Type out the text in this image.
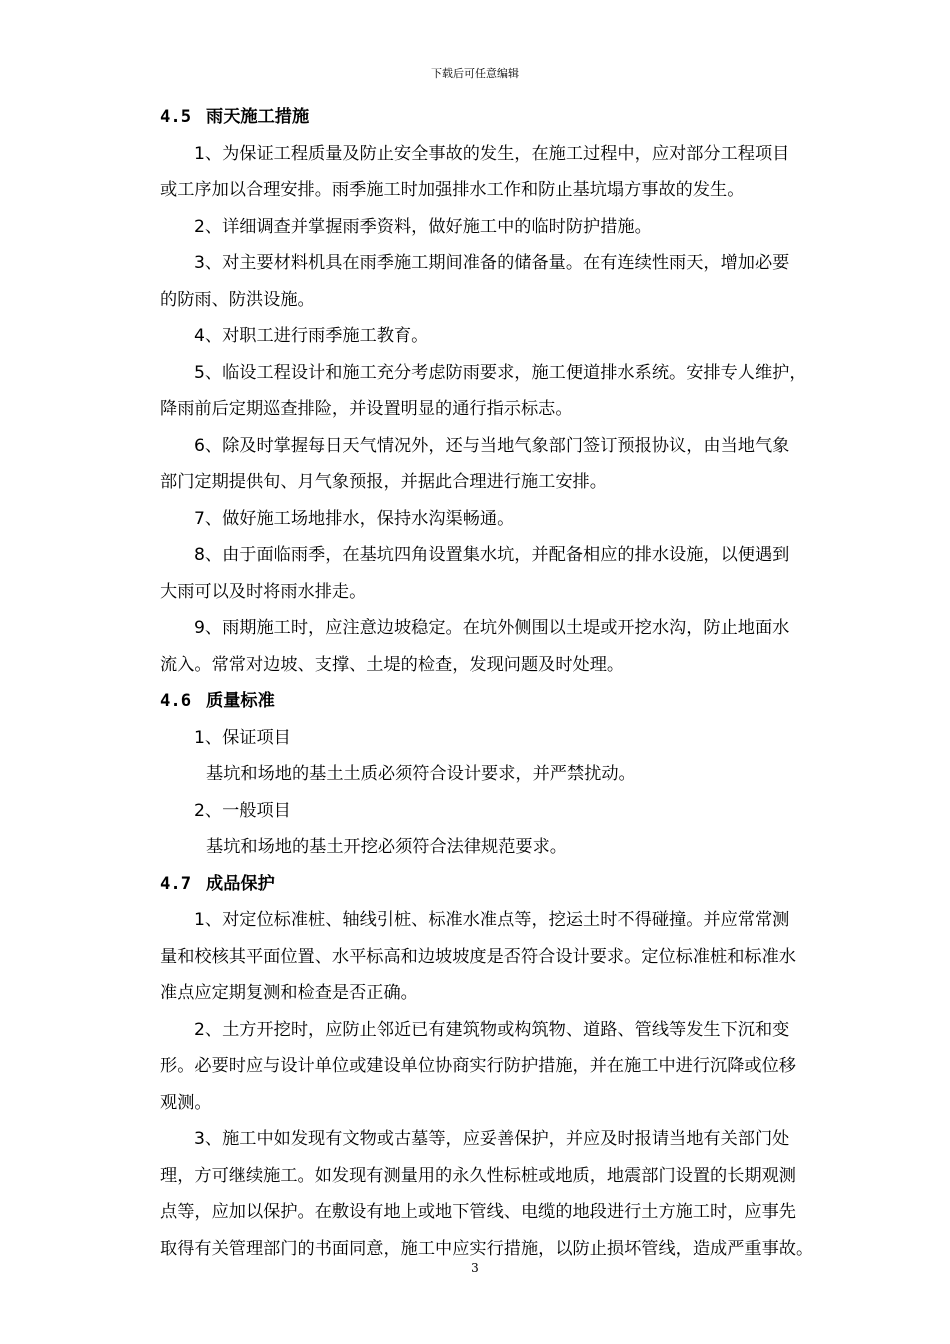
下载后可任意编辑
4.5 雨天施工措施
1、为保证工程质量及防止安全事故的发生，在施工过程中，应对部分工程项目
或工序加以合理安排。雨季施工时加强排水工作和防止基坑塌方事故的发生。
2、详细调查并掌握雨季资料，做好施工中的临时防护措施。
3、对主要材料机具在雨季施工期间准备的储备量。在有连续性雨天，增加必要
的防雨、防洪设施。
4、对职工进行雨季施工教育。
5、临设工程设计和施工充分考虑防雨要求，施工便道排水系统。安排专人维护，
降雨前后定期巡查排险，并设置明显的通行指示标志。
6、除及时掌握每日天气情况外，还与当地气象部门签订预报协议，由当地气象
部门定期提供旬、月气象预报，并据此合理进行施工安排。
7、做好施工场地排水，保持水沟渠畅通。
8、由于面临雨季，在基坑四角设置集水坑，并配备相应的排水设施，以便遇到
大雨可以及时将雨水排走。
9、雨期施工时，应注意边坡稳定。在坑外侧围以土堤或开挖水沟，防止地面水
流入。常常对边坡、支撑、土堤的检查，发现问题及时处理。
4.6 质量标准
1、保证项目
基坑和场地的基土土质必须符合设计要求，并严禁扰动。
2、一般项目
基坑和场地的基土开挖必须符合法律规范要求。
4.7 成品保护
1、对定位标准桩、轴线引桩、标准水准点等，挖运土时不得碰撞。并应常常测
量和校核其平面位置、水平标高和边坡坡度是否符合设计要求。定位标准桩和标准水
准点应定期复测和检查是否正确。
2、土方开挖时，应防止邻近已有建筑物或构筑物、道路、管线等发生下沉和变
形。必要时应与设计单位或建设单位协商实行防护措施，并在施工中进行沉降或位移
观测。
3、施工中如发现有文物或古墓等，应妥善保护，并应及时报请当地有关部门处
理，方可继续施工。如发现有测量用的永久性标桩或地质，地震部门设置的长期观测
点等，应加以保护。在敷设有地上或地下管线、电缆的地段进行土方施工时，应事先
取得有关管理部门的书面同意，施工中应实行措施，以防止损坏管线，造成严重事故。
3
